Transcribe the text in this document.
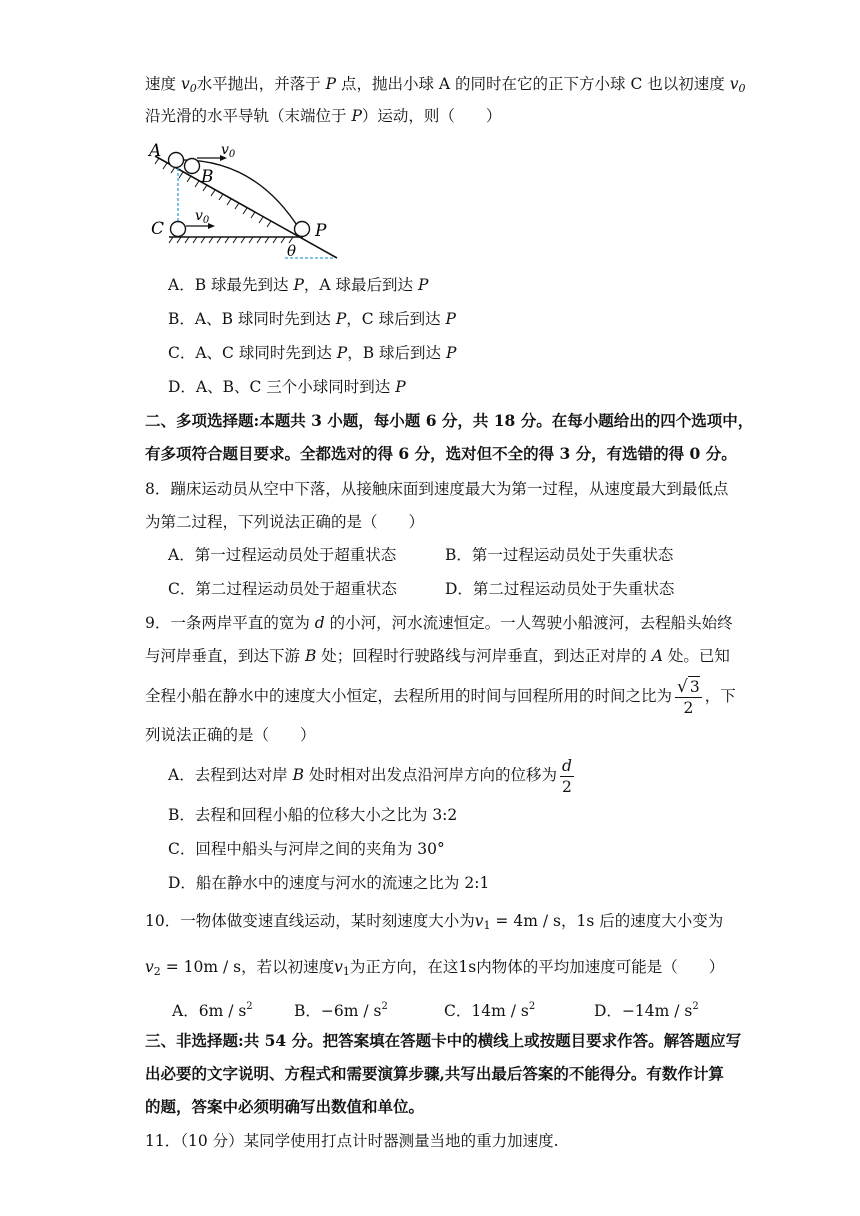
速度 $v_0$水平抛出，并落于 P 点，抛出小球 A 的同时在它的正下方小球 C 也以初速度 $v_0$
沿光滑的水平导轨（末端位于 P）运动，则（　　）
A
B
C	P
θ
$v_0$
$v_0$
A．B 球最先到达 P，A 球最后到达 P
B．A、B 球同时先到达 P，C 球后到达 P
C．A、C 球同时先到达 P，B 球后到达 P
D．A、B、C 三个小球同时到达 P
二、多项选择题:本题共 3 小题，每小题 6 分，共 18 分。在每小题给出的四个选项中，
有多项符合题目要求。全都选对的得 6 分，选对但不全的得 3 分，有选错的得 0 分。
8．蹦床运动员从空中下落，从接触床面到速度最大为第一过程，从速度最大到最低点
为第二过程，下列说法正确的是（　　）
A．第一过程运动员处于超重状态	B．第一过程运动员处于失重状态
C．第二过程运动员处于超重状态	D．第二过程运动员处于失重状态
9．一条两岸平直的宽为 d 的小河，河水流速恒定。一人驾驶小船渡河，去程船头始终
与河岸垂直，到达下游 B 处；回程时行驶路线与河岸垂直，到达正对岸的 A 处。已知
全程小船在静水中的速度大小恒定，去程所用的时间与回程所用的时间之比为 $\frac{√ 3}{2}$ ，下
列说法正确的是（　　）
A．去程到达对岸 B 处时相对出发点沿河岸方向的位移为 $\frac{d}{2}$
B．去程和回程小船的位移大小之比为 3:2
C．回程中船头与河岸之间的夹角为 30°
D．船在静水中的速度与河水的流速之比为 2:1
10．一物体做变速直线运动，某时刻速度大小为$v_1 = 4m / s$，1s 后的速度大小变为
$v_2 = 10m / s$，若以初速度$v_1$为正方向，在这1s内物体的平均加速度可能是（　　）
A．$6m / s^2$	B．$-6m / s^2$	C．$14m / s^2$	D．$-14m / s^2$
三、非选择题:共 54 分。把答案填在答题卡中的横线上或按题目要求作答。解答题应写
出必要的文字说明、方程式和需要演算步骤,共写出最后答案的不能得分。有数作计算
的题，答案中必须明确写出数值和单位。
11．（10 分）某同学使用打点计时器测量当地的重力加速度.
